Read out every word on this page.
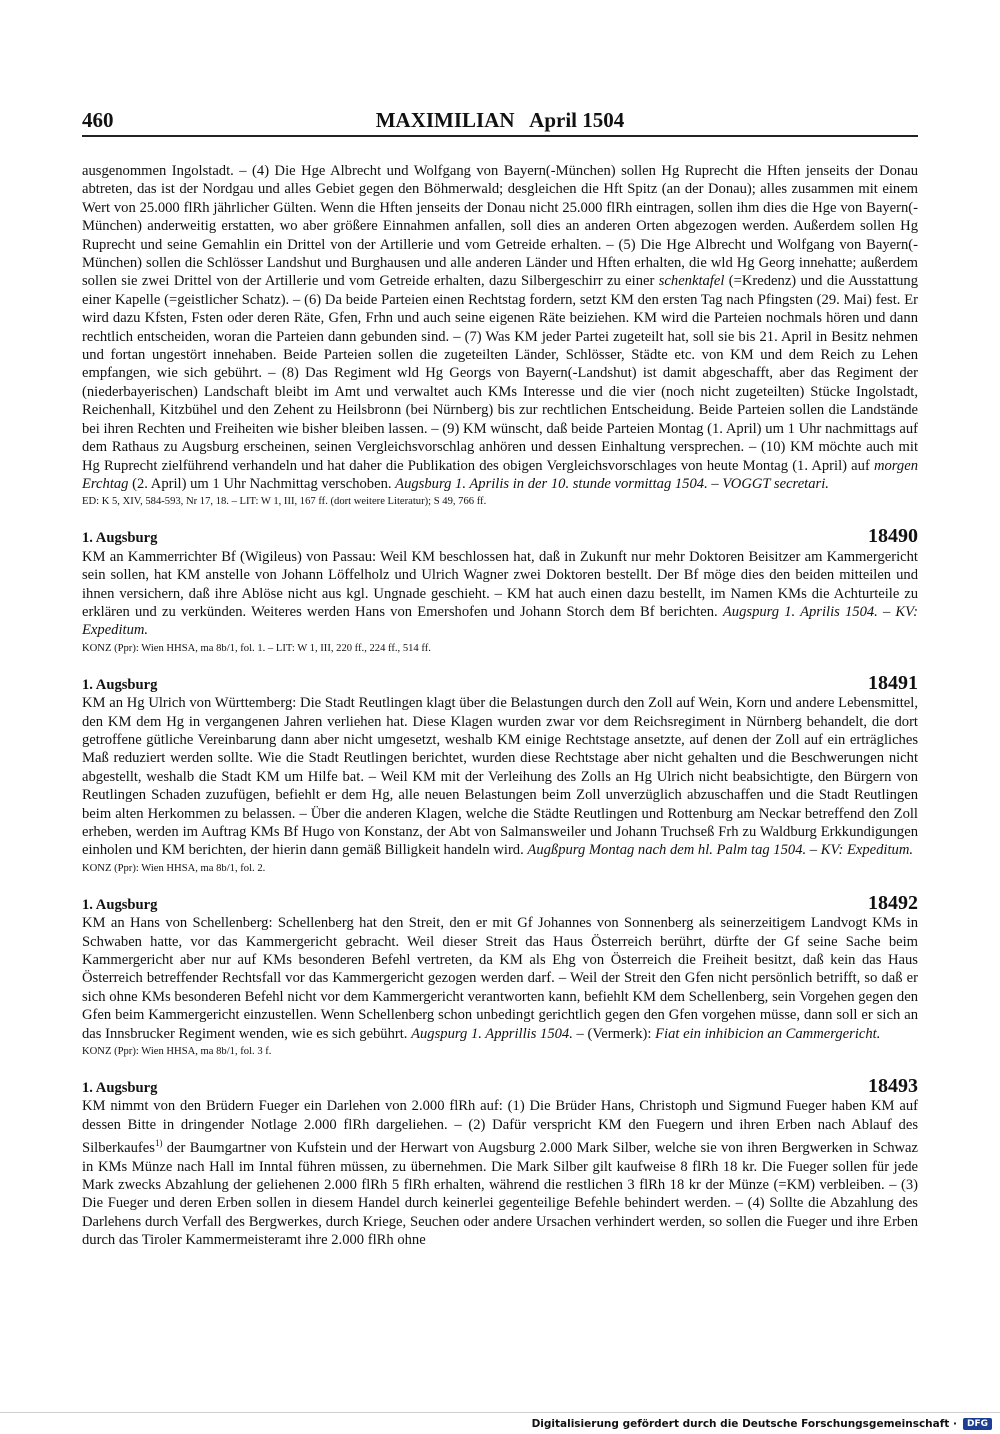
460	MAXIMILIAN   April 1504

ausgenommen Ingolstadt. – (4) Die Hge Albrecht und Wolfgang von Bayern(-München) sollen Hg Ruprecht die Hften jenseits der Donau abtreten, das ist der Nordgau und alles Gebiet gegen den Böhmerwald; desgleichen die Hft Spitz (an der Donau); alles zusammen mit einem Wert von 25.000 flRh jährlicher Gülten. Wenn die Hften jenseits der Donau nicht 25.000 flRh eintragen, sollen ihm dies die Hge von Bayern(-München) anderweitig erstatten, wo aber größere Einnahmen anfallen, soll dies an anderen Orten abgezogen werden. Außerdem sollen Hg Ruprecht und seine Gemahlin ein Drittel von der Artillerie und vom Getreide erhalten. – (5) Die Hge Albrecht und Wolfgang von Bayern(-München) sollen die Schlösser Landshut und Burghausen und alle anderen Länder und Hften erhalten, die wld Hg Georg innehatte; außerdem sollen sie zwei Drittel von der Artillerie und vom Getreide erhalten, dazu Silbergeschirr zu einer schenktafel (=Kredenz) und die Ausstattung einer Kapelle (=geistlicher Schatz). – (6) Da beide Parteien einen Rechtstag fordern, setzt KM den ersten Tag nach Pfingsten (29. Mai) fest. Er wird dazu Kfsten, Fsten oder deren Räte, Gfen, Frhn und auch seine eigenen Räte beiziehen. KM wird die Parteien nochmals hören und dann rechtlich entscheiden, woran die Parteien dann gebunden sind. – (7) Was KM jeder Partei zugeteilt hat, soll sie bis 21. April in Besitz nehmen und fortan ungestört innehaben. Beide Parteien sollen die zugeteilten Länder, Schlösser, Städte etc. von KM und dem Reich zu Lehen empfangen, wie sich gebührt. – (8) Das Regiment wld Hg Georgs von Bayern(-Landshut) ist damit abgeschafft, aber das Regiment der (niederbayerischen) Landschaft bleibt im Amt und verwaltet auch KMs Interesse und die vier (noch nicht zugeteilten) Stücke Ingolstadt, Reichenhall, Kitzbühel und den Zehent zu Heilsbronn (bei Nürnberg) bis zur rechtlichen Entscheidung. Beide Parteien sollen die Landstände bei ihren Rechten und Freiheiten wie bisher bleiben lassen. – (9) KM wünscht, daß beide Parteien Montag (1. April) um 1 Uhr nachmittags auf dem Rathaus zu Augsburg erscheinen, seinen Vergleichsvorschlag anhören und dessen Einhaltung versprechen. – (10) KM möchte auch mit Hg Ruprecht zielführend verhandeln und hat daher die Publikation des obigen Vergleichsvorschlages von heute Montag (1. April) auf morgen Erchtag (2. April) um 1 Uhr Nachmittag verschoben. Augsburg 1. Aprilis in der 10. stunde vormittag 1504. – VOGGT secretari.

ED: K 5, XIV, 584-593, Nr 17, 18. – LIT: W 1, III, 167 ff. (dort weitere Literatur); S 49, 766 ff.

1. Augsburg	18490

KM an Kammerrichter Bf (Wigileus) von Passau: Weil KM beschlossen hat, daß in Zukunft nur mehr Doktoren Beisitzer am Kammergericht sein sollen, hat KM anstelle von Johann Löffelholz und Ulrich Wagner zwei Doktoren bestellt. Der Bf möge dies den beiden mitteilen und ihnen versichern, daß ihre Ablöse nicht aus kgl. Ungnade geschieht. – KM hat auch einen dazu bestellt, im Namen KMs die Achturteile zu erklären und zu verkünden. Weiteres werden Hans von Emershofen und Johann Storch dem Bf berichten. Augspurg 1. Aprilis 1504. – KV: Expeditum.

KONZ (Ppr): Wien HHSA, ma 8b/1, fol. 1. – LIT: W 1, III, 220 ff., 224 ff., 514 ff.

1. Augsburg	18491

KM an Hg Ulrich von Württemberg: Die Stadt Reutlingen klagt über die Belastungen durch den Zoll auf Wein, Korn und andere Lebensmittel, den KM dem Hg in vergangenen Jahren verliehen hat. Diese Klagen wurden zwar vor dem Reichsregiment in Nürnberg behandelt, die dort getroffene gütliche Vereinbarung dann aber nicht umgesetzt, weshalb KM einige Rechtstage ansetzte, auf denen der Zoll auf ein erträgliches Maß reduziert werden sollte. Wie die Stadt Reutlingen berichtet, wurden diese Rechtstage aber nicht gehalten und die Beschwerungen nicht abgestellt, weshalb die Stadt KM um Hilfe bat. – Weil KM mit der Verleihung des Zolls an Hg Ulrich nicht beabsichtigte, den Bürgern von Reutlingen Schaden zuzufügen, befiehlt er dem Hg, alle neuen Belastungen beim Zoll unverzüglich abzuschaffen und die Stadt Reutlingen beim alten Herkommen zu belassen. – Über die anderen Klagen, welche die Städte Reutlingen und Rottenburg am Neckar betreffend den Zoll erheben, werden im Auftrag KMs Bf Hugo von Konstanz, der Abt von Salmansweiler und Johann Truchseß Frh zu Waldburg Erkkundigungen einholen und KM berichten, der hierin dann gemäß Billigkeit handeln wird. Augßpurg Montag nach dem hl. Palm tag 1504. – KV: Expeditum.

KONZ (Ppr): Wien HHSA, ma 8b/1, fol. 2.

1. Augsburg	18492

KM an Hans von Schellenberg: Schellenberg hat den Streit, den er mit Gf Johannes von Sonnenberg als seinerzeitigem Landvogt KMs in Schwaben hatte, vor das Kammergericht gebracht. Weil dieser Streit das Haus Österreich berührt, dürfte der Gf seine Sache beim Kammergericht aber nur auf KMs besonderen Befehl vertreten, da KM als Ehg von Österreich die Freiheit besitzt, daß kein das Haus Österreich betreffender Rechtsfall vor das Kammergericht gezogen werden darf. – Weil der Streit den Gfen nicht persönlich betrifft, so daß er sich ohne KMs besonderen Befehl nicht vor dem Kammergericht verantworten kann, befiehlt KM dem Schellenberg, sein Vorgehen gegen den Gfen beim Kammergericht einzustellen. Wenn Schellenberg schon unbedingt gerichtlich gegen den Gfen vorgehen müsse, dann soll er sich an das Innsbrucker Regiment wenden, wie es sich gebührt. Augspurg 1. Apprillis 1504. – (Vermerk): Fiat ein inhibicion an Cammergericht.

KONZ (Ppr): Wien HHSA, ma 8b/1, fol. 3 f.

1. Augsburg	18493

KM nimmt von den Brüdern Fueger ein Darlehen von 2.000 flRh auf: (1) Die Brüder Hans, Christoph und Sigmund Fueger haben KM auf dessen Bitte in dringender Notlage 2.000 flRh dargeliehen. – (2) Dafür verspricht KM den Fuegern und ihren Erben nach Ablauf des Silberkaufes$^{1)}$ der Baumgartner von Kufstein und der Herwart von Augsburg 2.000 Mark Silber, welche sie von ihren Bergwerken in Schwaz in KMs Münze nach Hall im Inntal führen müssen, zu übernehmen. Die Mark Silber gilt kaufweise 8 flRh 18 kr. Die Fueger sollen für jede Mark zwecks Abzahlung der geliehenen 2.000 flRh 5 flRh erhalten, während die restlichen 3 flRh 18 kr der Münze (=KM) verbleiben. – (3) Die Fueger und deren Erben sollen in diesem Handel durch keinerlei gegenteilige Befehle behindert werden. – (4) Sollte die Abzahlung des Darlehens durch Verfall des Bergwerkes, durch Kriege, Seuchen oder andere Ursachen verhindert werden, so sollen die Fueger und ihre Erben durch das Tiroler Kammermeisteramt ihre 2.000 flRh ohne

Digitalisierung gefördert durch die Deutsche Forschungsgemeinschaft ·	DFG
